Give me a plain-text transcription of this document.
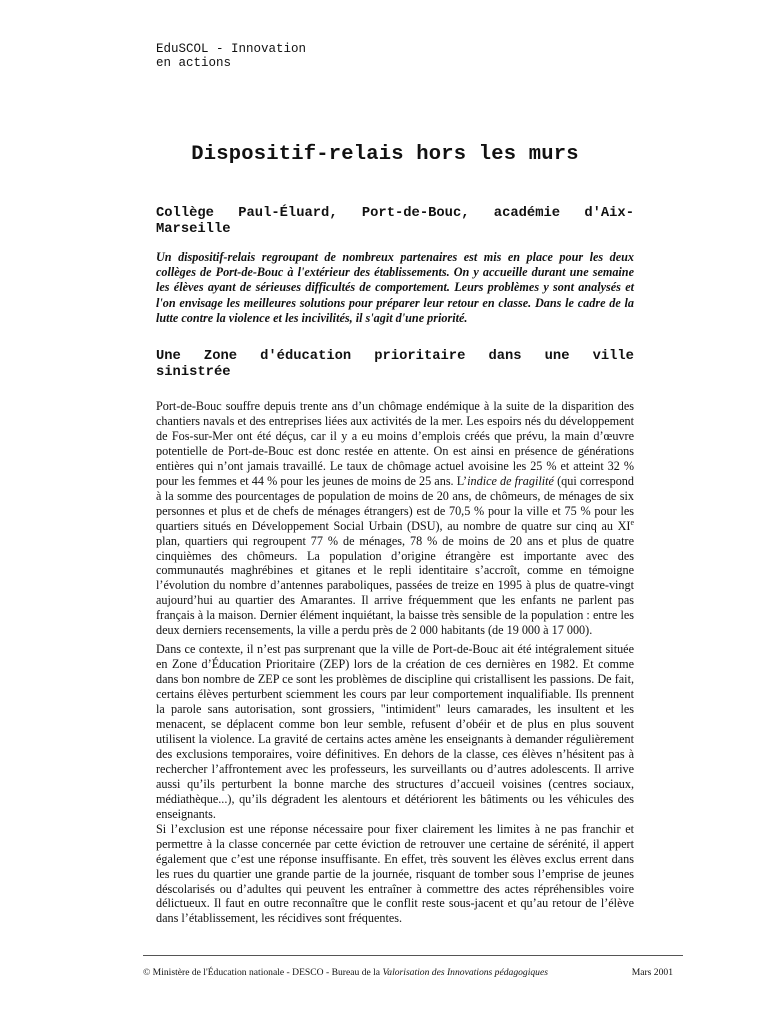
EduSCOL - Innovation
en actions
Dispositif-relais hors les murs
Collège Paul-Éluard, Port-de-Bouc, académie d'Aix-Marseille

Un dispositif-relais regroupant de nombreux partenaires est mis en place pour les deux collèges de Port-de-Bouc à l'extérieur des établissements. On y accueille durant une semaine les élèves ayant de sérieuses difficultés de comportement. Leurs problèmes y sont analysés et l'on envisage les meilleures solutions pour préparer leur retour en classe. Dans le cadre de la lutte contre la violence et les incivilités, il s'agit d'une priorité.

Une Zone d'éducation prioritaire dans une ville
sinistrée

Port-de-Bouc souffre depuis trente ans d’un chômage endémique à la suite de la disparition des chantiers navals et des entreprises liées aux activités de la mer. Les espoirs nés du développement de Fos-sur-Mer ont été déçus, car il y a eu moins d’emplois créés que prévu, la main d’œuvre potentielle de Port-de-Bouc est donc restée en attente. On est ainsi en présence de générations entières qui n’ont jamais travaillé. Le taux de chômage actuel avoisine les 25 % et atteint 32 % pour les femmes et 44 % pour les jeunes de moins de 25 ans. L’indice de fragilité (qui correspond à la somme des pourcentages de population de moins de 20 ans, de chômeurs, de ménages de six personnes et plus et de chefs de ménages étrangers) est de 70,5 % pour la ville et 75 % pour les quartiers situés en Développement Social Urbain (DSU), au nombre de quatre sur cinq au XIe plan, quartiers qui regroupent 77 % de ménages, 78 % de moins de 20 ans et plus de quatre cinquièmes des chômeurs. La population d’origine étrangère est importante avec des communautés maghrébines et gitanes et le repli identitaire s’accroît, comme en témoigne l’évolution du nombre d’antennes paraboliques, passées de treize en 1995 à plus de quatre-vingt aujourd’hui au quartier des Amarantes. Il arrive fréquemment que les enfants ne parlent pas français à la maison. Dernier élément inquiétant, la baisse très sensible de la population : entre les deux derniers recensements, la ville a perdu près de 2 000 habitants (de 19 000 à 17 000).

Dans ce contexte, il n’est pas surprenant que la ville de Port-de-Bouc ait été intégralement située en Zone d’Éducation Prioritaire (ZEP) lors de la création de ces dernières en 1982. Et comme dans bon nombre de ZEP ce sont les problèmes de discipline qui cristallisent les passions. De fait, certains élèves perturbent sciemment les cours par leur comportement inqualifiable. Ils prennent la parole sans autorisation, sont grossiers, "intimident" leurs camarades, les insultent et les menacent, se déplacent comme bon leur semble, refusent d’obéir et de plus en plus souvent utilisent la violence. La gravité de certains actes amène les enseignants à demander régulièrement des exclusions temporaires, voire définitives. En dehors de la classe, ces élèves n’hésitent pas à rechercher l’affrontement avec les professeurs, les surveillants ou d’autres adolescents. Il arrive aussi qu’ils perturbent la bonne marche des structures d’accueil voisines (centres sociaux, médiathèque...), qu’ils dégradent les alentours et détériorent les bâtiments ou les véhicules des enseignants.

Si l’exclusion est une réponse nécessaire pour fixer clairement les limites à ne pas franchir et permettre à la classe concernée par cette éviction de retrouver une certaine de sérénité, il appert également que c’est une réponse insuffisante. En effet, très souvent les élèves exclus errent dans les rues du quartier une grande partie de la journée, risquant de tomber sous l’emprise de jeunes déscolarisés ou d’adultes qui peuvent les entraîner à commettre des actes répréhensibles voire délictueux. Il faut en outre reconnaître que le conflit reste sous-jacent et qu’au retour de l’élève dans l’établissement, les récidives sont fréquentes.

© Ministère de l'Éducation nationale - DESCO - Bureau de la Valorisation des Innovations pédagogiques	Mars 2001
